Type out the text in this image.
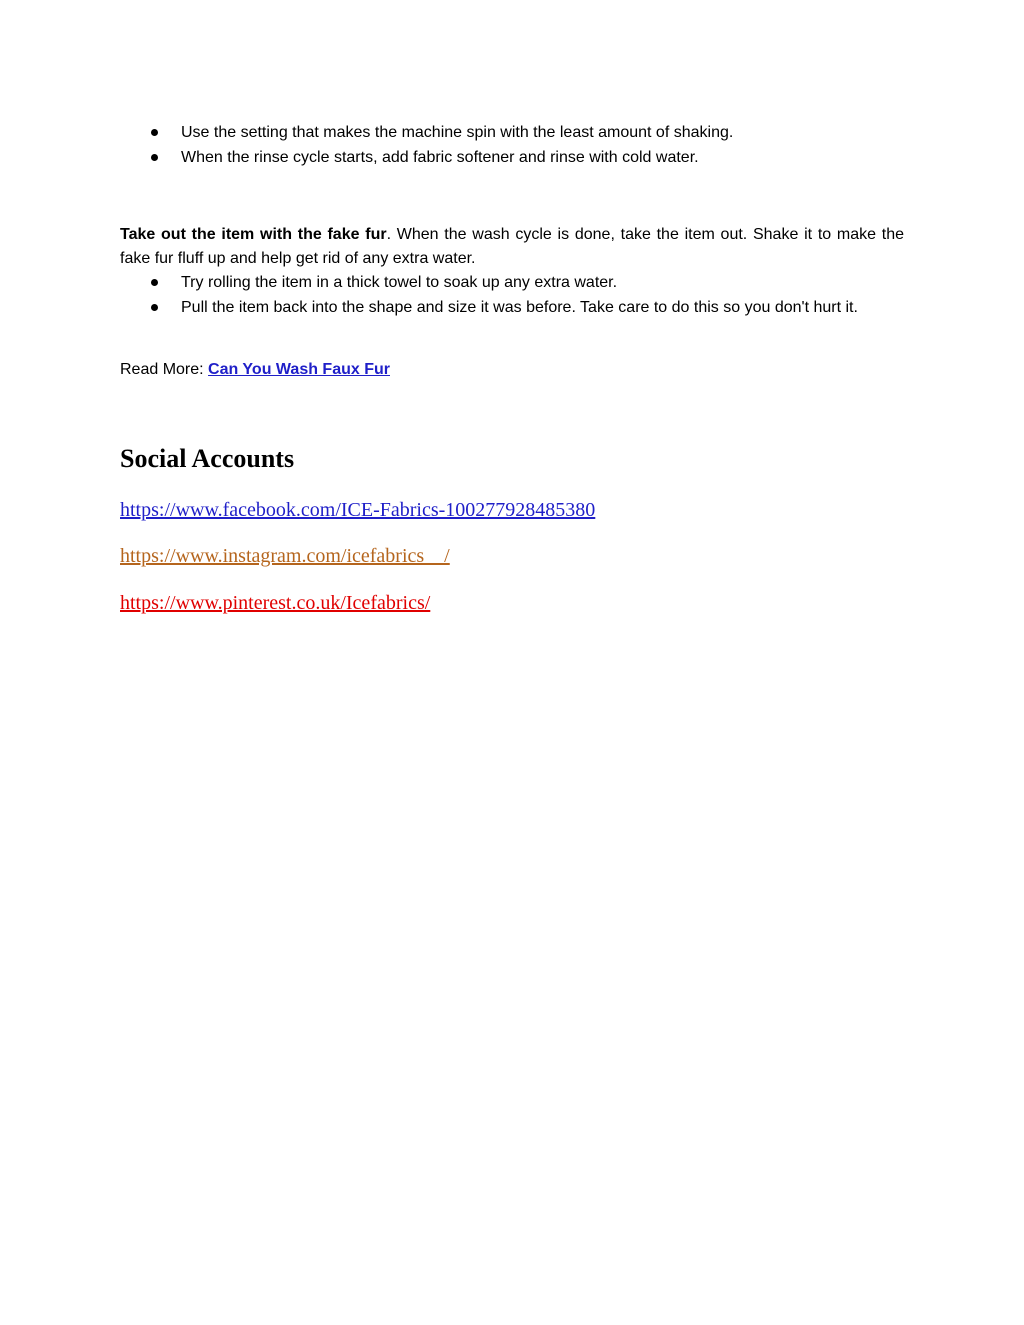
Use the setting that makes the machine spin with the least amount of shaking.
When the rinse cycle starts, add fabric softener and rinse with cold water.

Take out the item with the fake fur. When the wash cycle is done, take the item out. Shake it to make the fake fur fluff up and help get rid of any extra water.

Try rolling the item in a thick towel to soak up any extra water.
Pull the item back into the shape and size it was before. Take care to do this so you don't hurt it.
Read More: Can You Wash Faux Fur
Social Accounts
https://www.facebook.com/ICE-Fabrics-100277928485380
https://www.instagram.com/icefabrics__/
https://www.pinterest.co.uk/Icefabrics/
